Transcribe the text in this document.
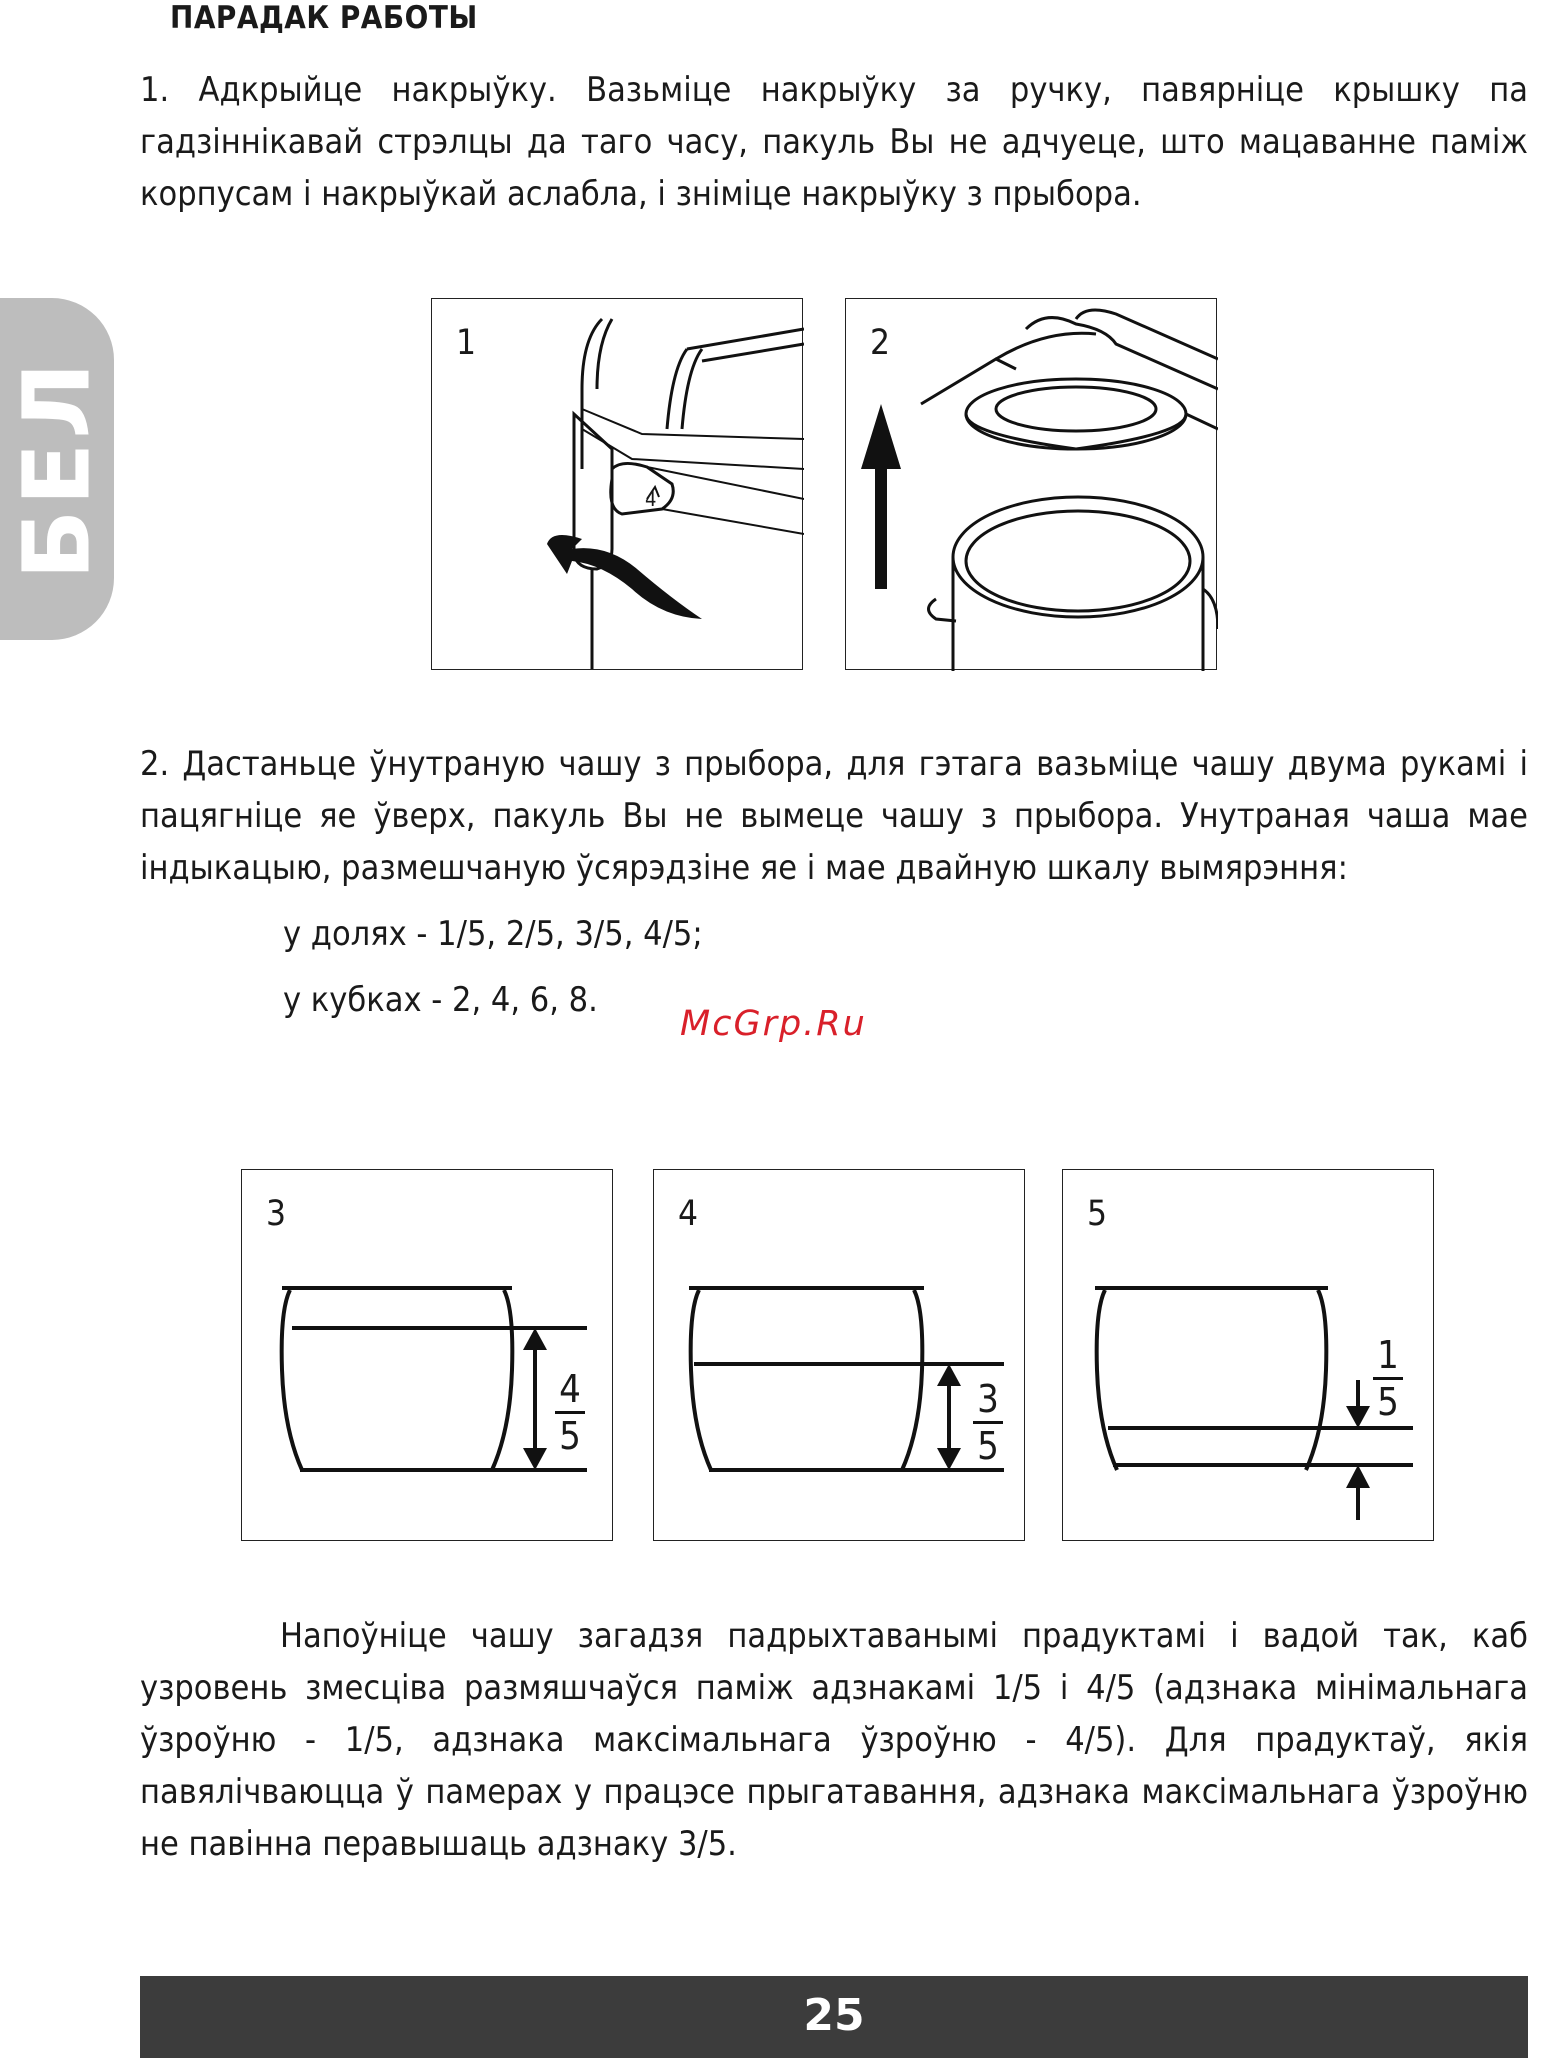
ПАРАДАК РАБОТЫ

1. Адкрыйце накрыўку. Вазьміце накрыўку за ручку, павярніце крышку па гадзіннікавай стрэлцы да таго часу, пакуль Вы не адчуеце, што мацаванне паміж корпусам і накрыўкай аслабла, і зніміце накрыўку з прыбора.

БЕЛ
1
4
2

2. Дастаньце ўнутраную чашу з прыбора, для гэтага вазьміце чашу двума рукамі і пацягніце яе ўверх, пакуль Вы не вымеце чашу з прыбора. Унутраная чаша мае індыкацыю, размешчаную ўсярэдзіне яе і мае двайную шкалу вымярэння:

у долях - 1/5, 2/5, 3/5, 4/5;
у кубках - 2, 4, 6, 8.
McGrp.Ru
3
4
5
4
3
5
5
1
5

Напоўніце чашу загадзя падрыхтаванымі прадуктамі і вадой так, каб узровень змесціва размяшчаўся паміж адзнакамі 1/5 і 4/5 (адзнака мінімальнага ўзроўню - 1/5, адзнака максімальнага ўзроўню - 4/5). Для прадуктаў, якія павялічваюцца ў памерах у працэсе прыгатавання, адзнака максімальнага ўзроўню не павінна перавышаць адзнаку 3/5.

25
